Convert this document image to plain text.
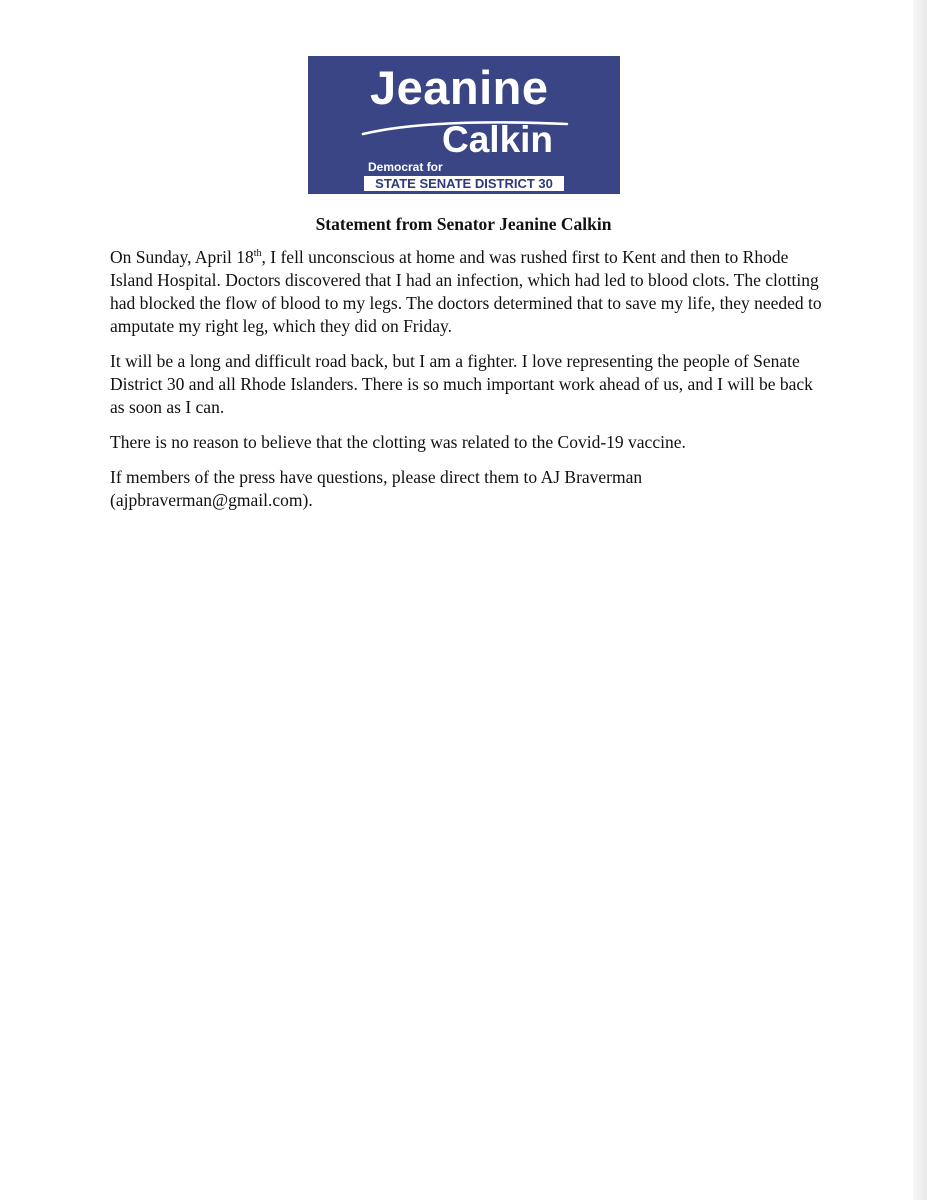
Jeanine
Calkin
Democrat for
STATE SENATE DISTRICT 30
Statement from Senator Jeanine Calkin

On Sunday, April 18th, I fell unconscious at home and was rushed first to Kent and then to Rhode Island Hospital. Doctors discovered that I had an infection, which had led to blood clots. The clotting had blocked the flow of blood to my legs. The doctors determined that to save my life, they needed to amputate my right leg, which they did on Friday.

It will be a long and difficult road back, but I am a fighter. I love representing the people of Senate District 30 and all Rhode Islanders. There is so much important work ahead of us, and I will be back as soon as I can.

There is no reason to believe that the clotting was related to the Covid-19 vaccine.

If members of the press have questions, please direct them to AJ Braverman (ajpbraverman@gmail.com).
